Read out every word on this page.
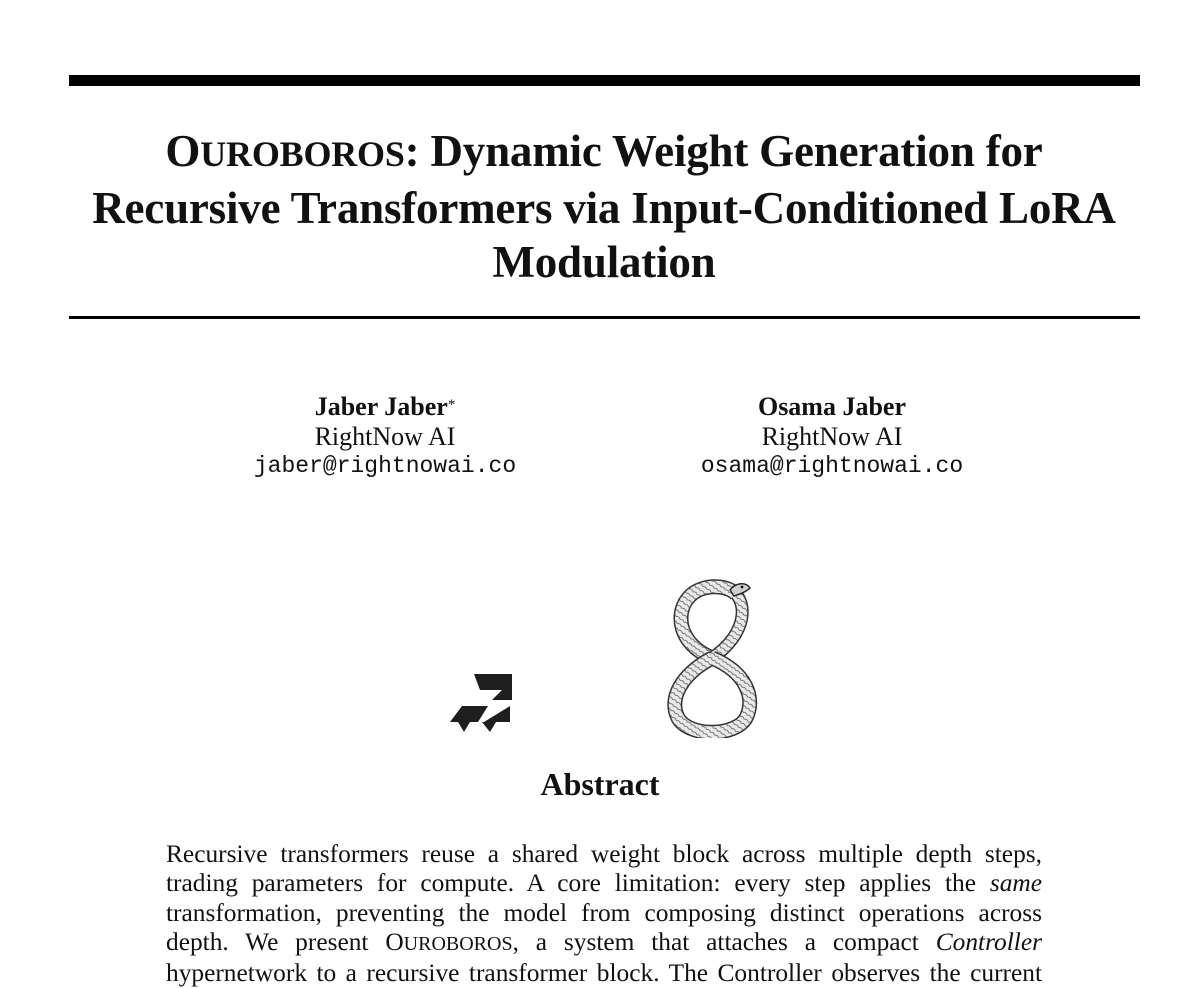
OUROBOROS: Dynamic Weight Generation for
Recursive Transformers via Input-Conditioned LoRA
Modulation
Jaber Jaber*
RightNow AI
jaber@rightnowai.co
Osama Jaber
RightNow AI
osama@rightnowai.co
Abstract
Recursive transformers reuse a shared weight block across multiple depth steps,
trading parameters for compute. A core limitation: every step applies the same
transformation, preventing the model from composing distinct operations across
depth. We present OUROBOROS, a system that attaches a compact Controller
hypernetwork to a recursive transformer block. The Controller observes the current
